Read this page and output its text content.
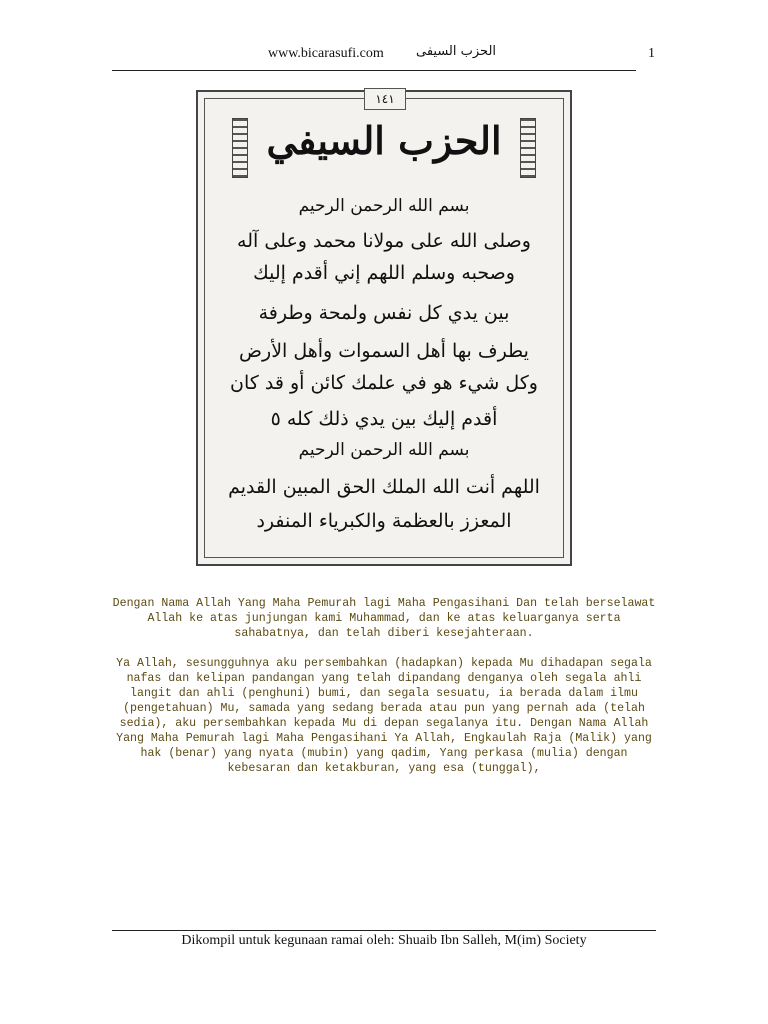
www.bicarasufi.com الحزب السيفى	1
١٤١
الحزب السيفي
بسم الله الرحمن الرحيم
وصلى الله على مولانا محمد وعلى آله
وصحبه وسلم اللهم إني أقدم إليك
بين يدي كل نفس ولمحة وطرفة
يطرف بها أهل السموات وأهل الأرض
وكل شيء هو في علمك كائن أو قد كان
أقدم إليك بين يدي ذلك كله ٥
بسم الله الرحمن الرحيم
اللهم أنت الله الملك الحق المبين القديم
المعزز بالعظمة والكبرياء المنفرد
Dengan Nama Allah Yang Maha Pemurah lagi Maha Pengasihani Dan telah berselawat Allah ke atas junjungan kami Muhammad, dan ke atas keluarganya serta sahabatnya, dan telah diberi kesejahteraan.
Ya Allah, sesungguhnya aku persembahkan (hadapkan) kepada Mu dihadapan segala nafas dan kelipan pandangan yang telah dipandang denganya oleh segala ahli langit dan ahli (penghuni) bumi, dan segala sesuatu, ia berada dalam ilmu (pengetahuan) Mu, samada yang sedang berada atau pun yang pernah ada (telah sedia), aku persembahkan kepada Mu di depan segalanya itu. Dengan Nama Allah Yang Maha Pemurah lagi Maha Pengasihani Ya Allah, Engkaulah Raja (Malik) yang hak (benar) yang nyata (mubin) yang qadim, Yang perkasa (mulia) dengan kebesaran dan ketakburan, yang esa (tunggal),
Dikompil untuk kegunaan ramai oleh: Shuaib Ibn Salleh, M(im) Society
